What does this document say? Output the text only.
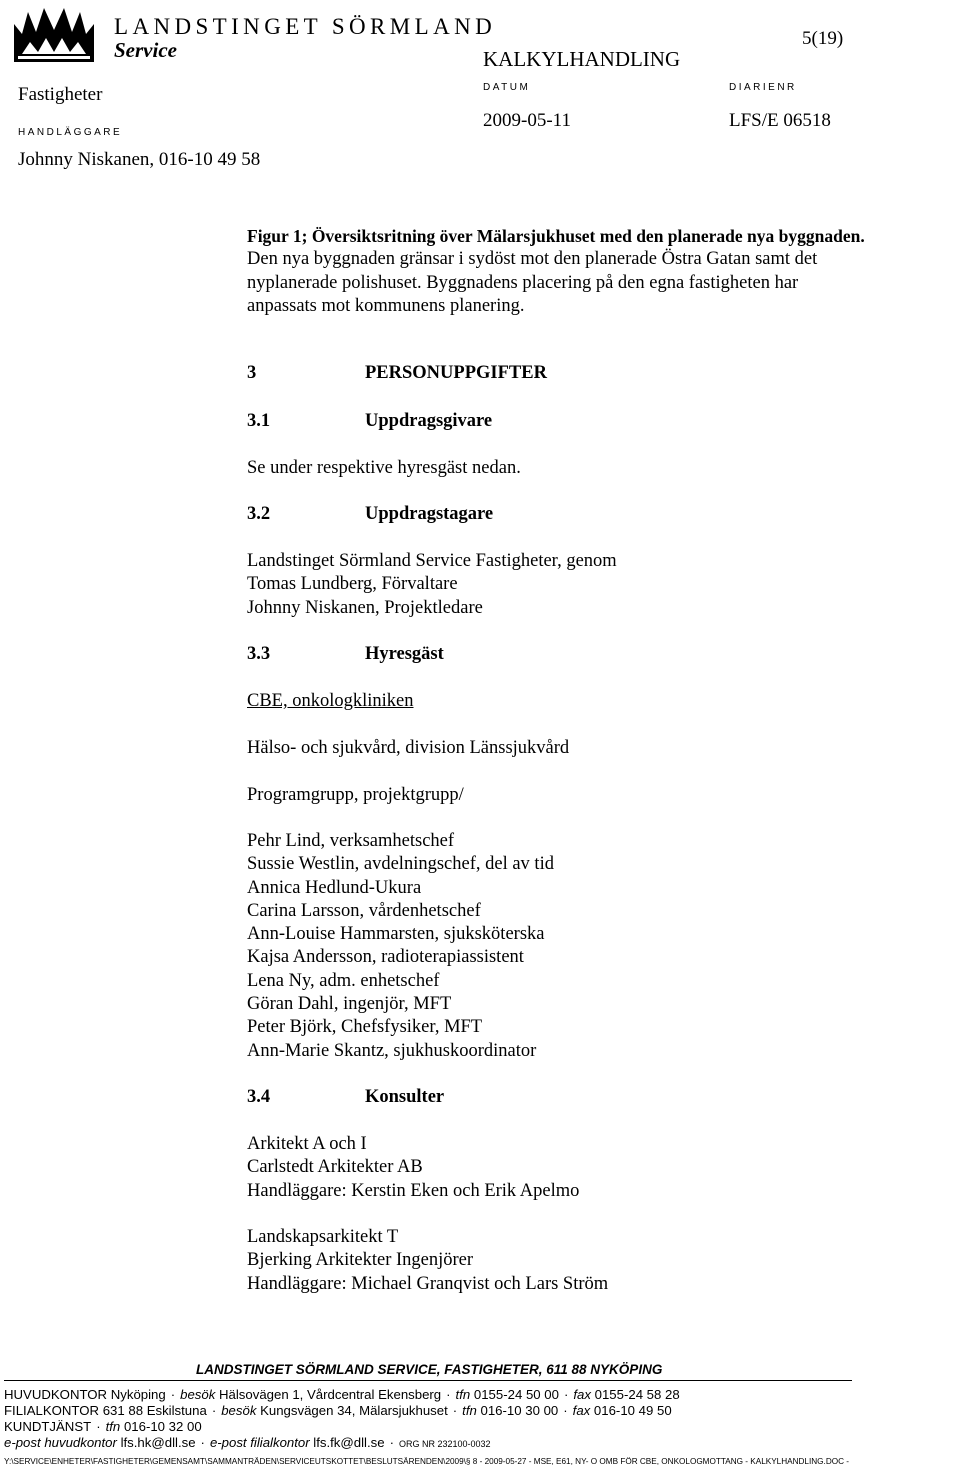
LANDSTINGET SÖRMLAND
Service	5(19)
KALKYLHANDLING
Fastigheter	DATUM	DIARIENR
HANDLÄGGARE
2009-05-11	LFS/E 06518
Johnny Niskanen, 016-10 49 58
Figur 1; Översiktsritning över Mälarsjukhuset med den planerade nya byggnaden.
Den nya byggnaden gränsar i sydöst mot den planerade Östra Gatan samt det
nyplanerade polishuset. Byggnadens placering på den egna fastigheten har
anpassats mot kommunens planering.
3	PERSONUPPGIFTER
3.1	Uppdragsgivare
Se under respektive hyresgäst nedan.
3.2	Uppdragstagare
Landstinget Sörmland Service Fastigheter, genom
Tomas Lundberg, Förvaltare
Johnny Niskanen, Projektledare
3.3	Hyresgäst
CBE, onkologkliniken
Hälso- och sjukvård, division Länssjukvård
Programgrupp, projektgrupp/
Pehr Lind, verksamhetschef
Sussie Westlin, avdelningschef, del av tid
Annica Hedlund-Ukura
Carina Larsson, vårdenhetschef
Ann-Louise Hammarsten, sjuksköterska
Kajsa Andersson, radioterapiassistent
Lena Ny, adm. enhetschef
Göran Dahl, ingenjör, MFT
Peter Björk, Chefsfysiker, MFT
Ann-Marie Skantz, sjukhuskoordinator
3.4	Konsulter
Arkitekt A och I
Carlstedt Arkitekter AB
Handläggare: Kerstin Eken och Erik Apelmo
Landskapsarkitekt T
Bjerking Arkitekter Ingenjörer
Handläggare: Michael Granqvist och Lars Ström
LANDSTINGET SÖRMLAND SERVICE, FASTIGHETER, 611 88 NYKÖPING
HUVUDKONTOR Nyköping · besök Hälsovägen 1, Vårdcentral Ekensberg · tfn 0155-24 50 00 · fax 0155-24 58 28
FILIALKONTOR 631 88 Eskilstuna · besök Kungsvägen 34, Mälarsjukhuset · tfn 016-10 30 00 · fax 016-10 49 50
KUNDTJÄNST · tfn 016-10 32 00
e-post huvudkontor lfs.hk@dll.se · e-post filialkontor lfs.fk@dll.se · ORG NR 232100-0032
Y:\SERVICE\ENHETER\FASTIGHETER\GEMENSAMT\SAMMANTRÄDEN\SERVICEUTSKOTTET\BESLUTSÄRENDEN\2009\§ 8 - 2009-05-27 - MSE, E61, NY- O OMB FÖR CBE, ONKOLOGMOTTANG - KALKYLHANDLING.DOC -
